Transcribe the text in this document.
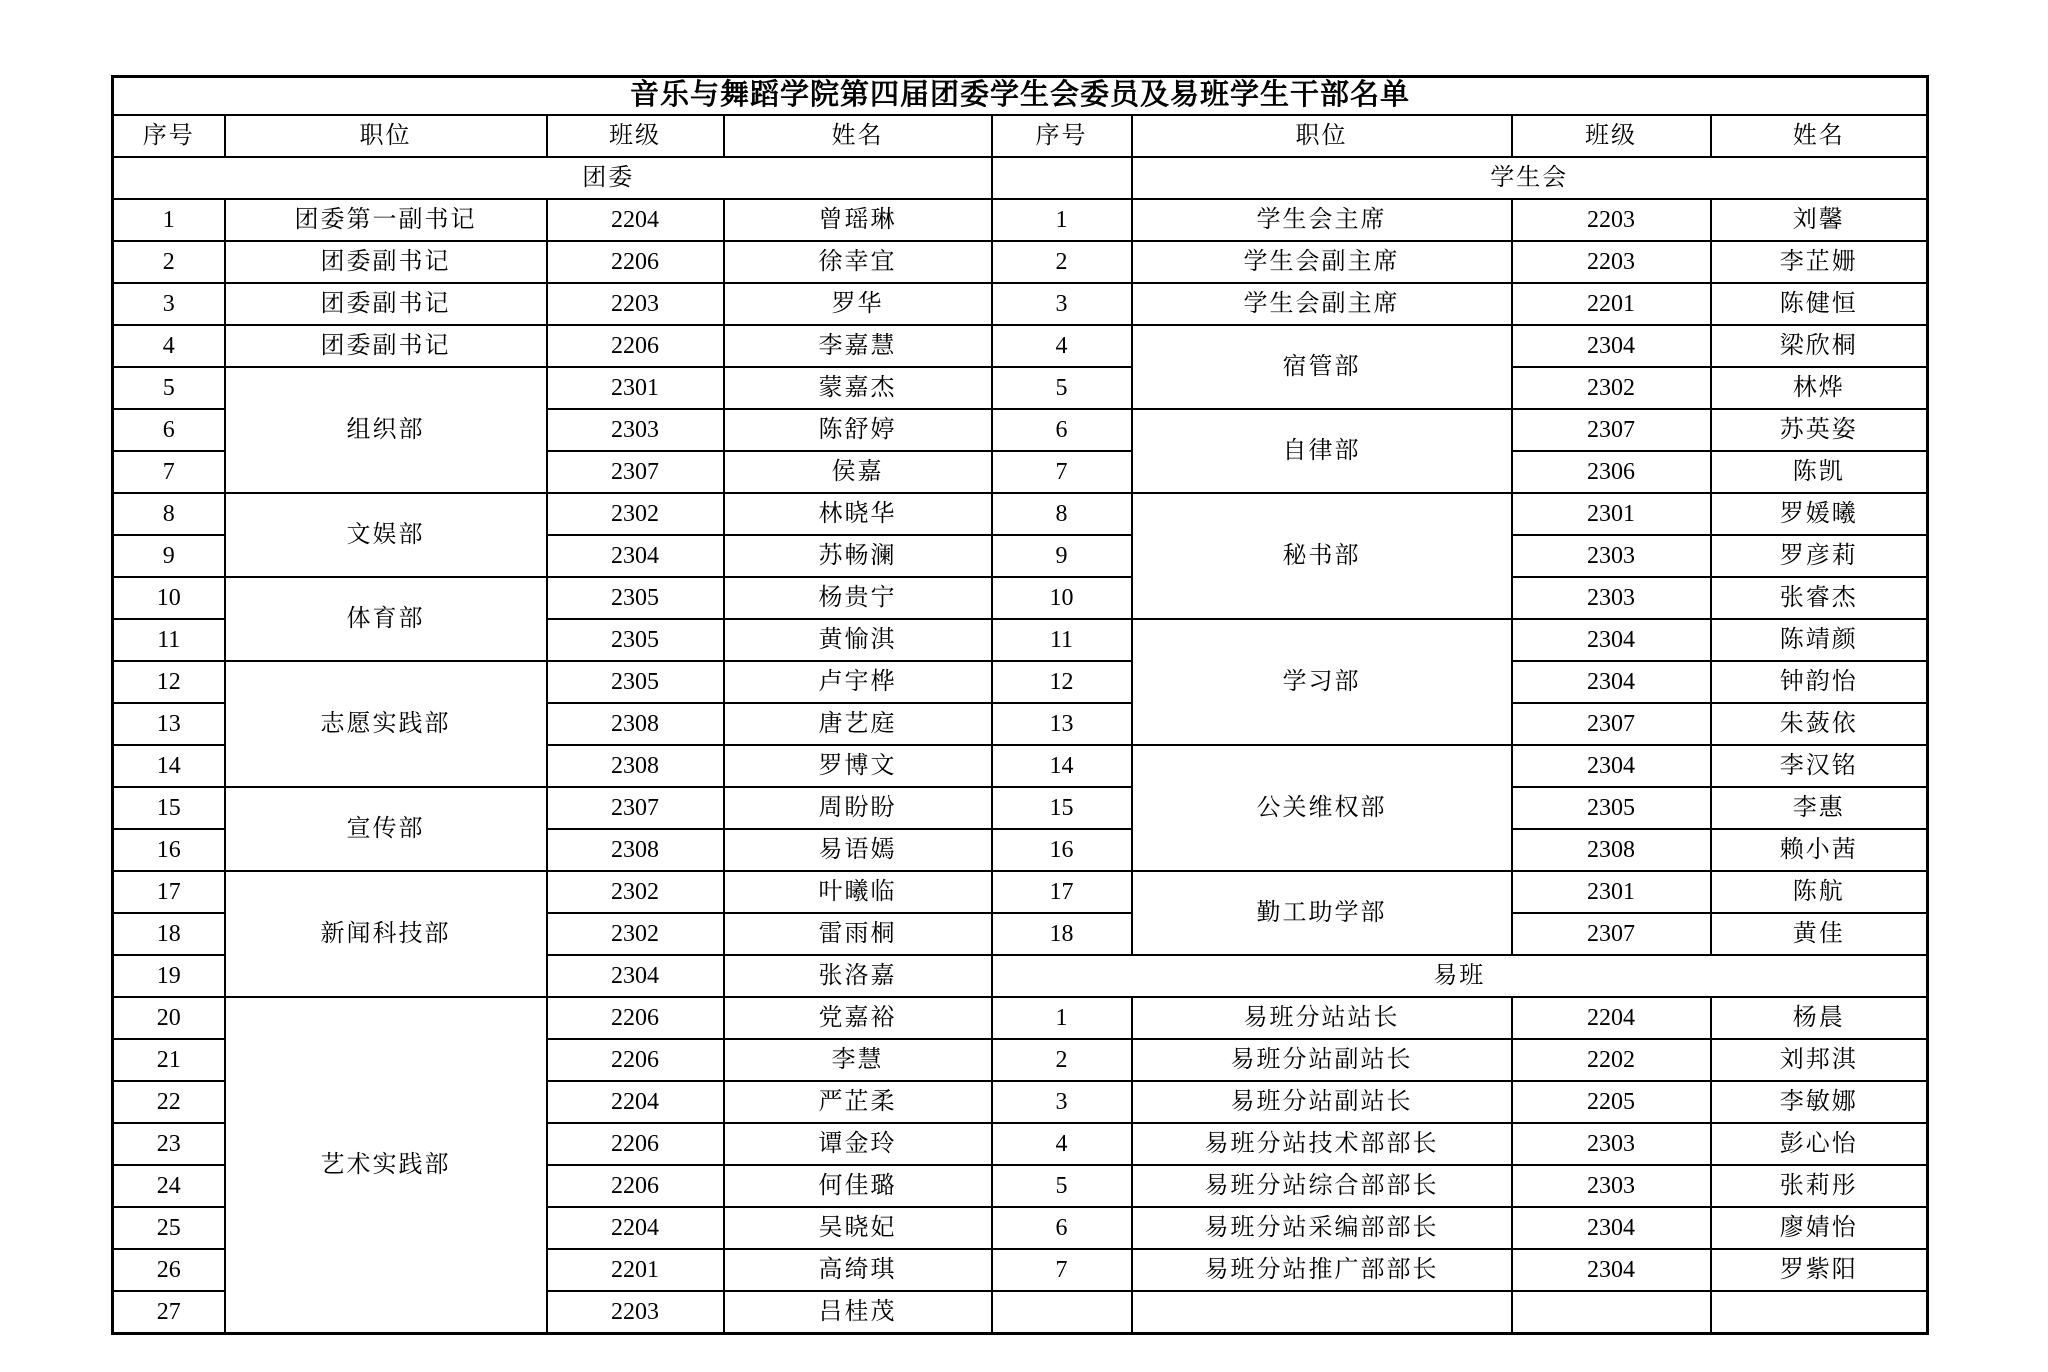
音乐与舞蹈学院第四届团委学生会委员及易班学生干部名单							
序号	职位	班级	姓名	序号	职位	班级	姓名
团委					学生会		
1	团委第一副书记	2204	曾瑶琳	1	学生会主席	2203	刘馨
2	团委副书记	2206	徐幸宜	2	学生会副主席	2203	李芷姗
3	团委副书记	2203	罗华	3	学生会副主席	2201	陈健恒
4	团委副书记	2206	李嘉慧	4	宿管部	2304	梁欣桐
5	组织部	2301	蒙嘉杰	5		2302	林烨
6		2303	陈舒婷	6	自律部	2307	苏英姿
7		2307	侯嘉	7		2306	陈凯
8	文娱部	2302	林晓华	8	秘书部	2301	罗媛曦
9		2304	苏畅澜	9		2303	罗彦莉
10	体育部	2305	杨贵宁	10		2303	张睿杰
11		2305	黄愉淇	11	学习部	2304	陈靖颜
12	志愿实践部	2305	卢宇桦	12		2304	钟韵怡
13		2308	唐艺庭	13		2307	朱蔹依
14		2308	罗博文	14	公关维权部	2304	李汉铭
15	宣传部	2307	周盼盼	15		2305	李惠
16		2308	易语嫣	16		2308	赖小茜
17	新闻科技部	2302	叶曦临	17	勤工助学部	2301	陈航
18		2302	雷雨桐	18		2307	黄佳
19		2304	张洛嘉	易班			
20	艺术实践部	2206	党嘉裕	1	易班分站站长	2204	杨晨
21		2206	李慧	2	易班分站副站长	2202	刘邦淇
22		2204	严芷柔	3	易班分站副站长	2205	李敏娜
23		2206	谭金玲	4	易班分站技术部部长	2303	彭心怡
24		2206	何佳璐	5	易班分站综合部部长	2303	张莉彤
25		2204	吴晓妃	6	易班分站采编部部长	2304	廖婧怡
26		2201	高绮琪	7	易班分站推广部部长	2304	罗紫阳
27		2203	吕桂茂				
